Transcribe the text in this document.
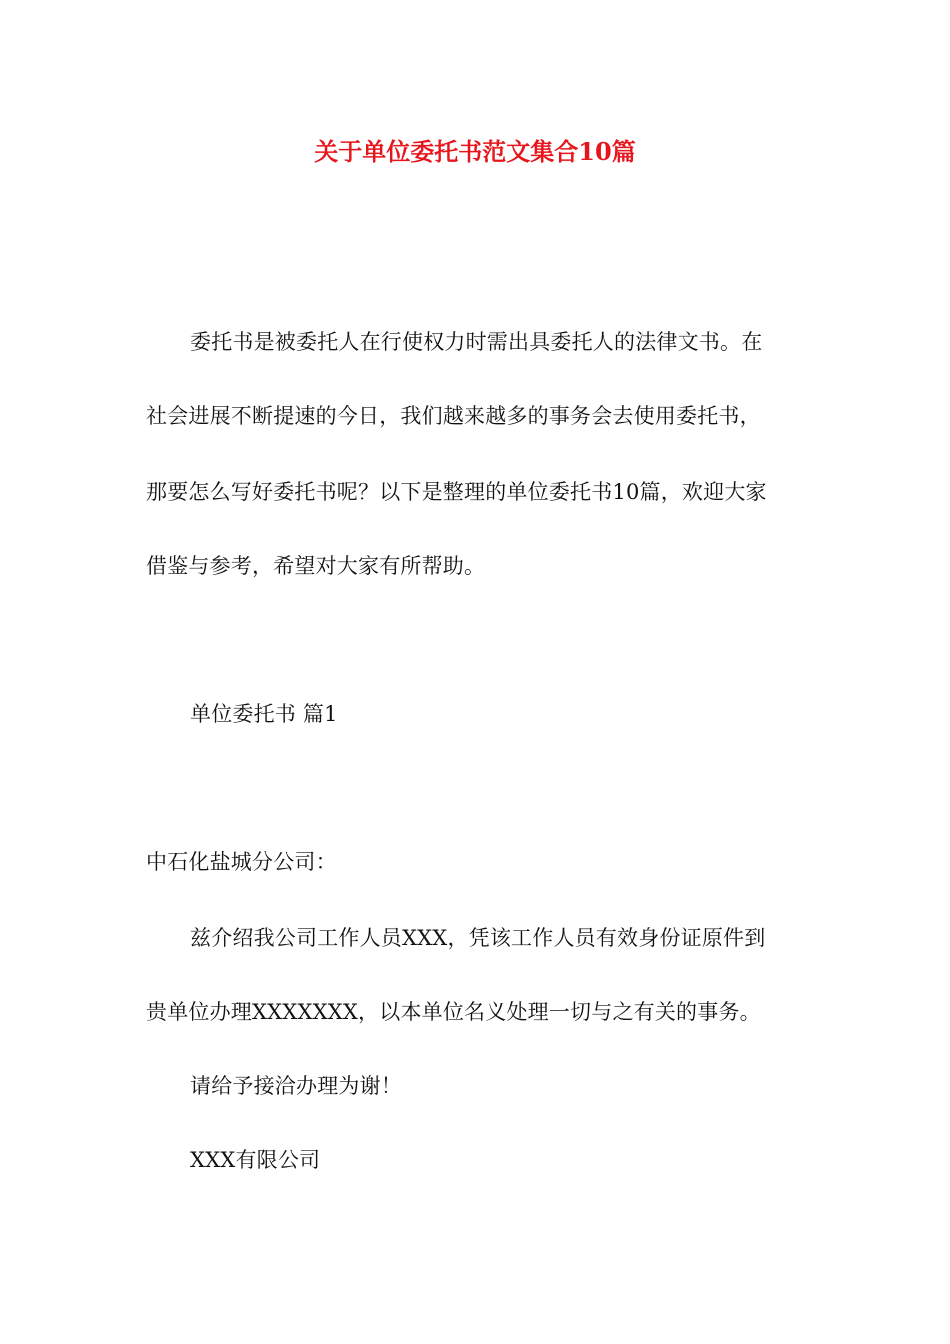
关于单位委托书范文集合10篇
委托书是被委托人在行使权力时需出具委托人的法律文书。在
社会进展不断提速的今日，我们越来越多的事务会去使用委托书，
那要怎么写好委托书呢？以下是整理的单位委托书10篇，欢迎大家
借鉴与参考，希望对大家有所帮助。
单位委托书 篇1
中石化盐城分公司：
兹介绍我公司工作人员XXX，凭该工作人员有效身份证原件到
贵单位办理XXXXXXX，以本单位名义处理一切与之有关的事务。
请给予接洽办理为谢！
XXX有限公司
